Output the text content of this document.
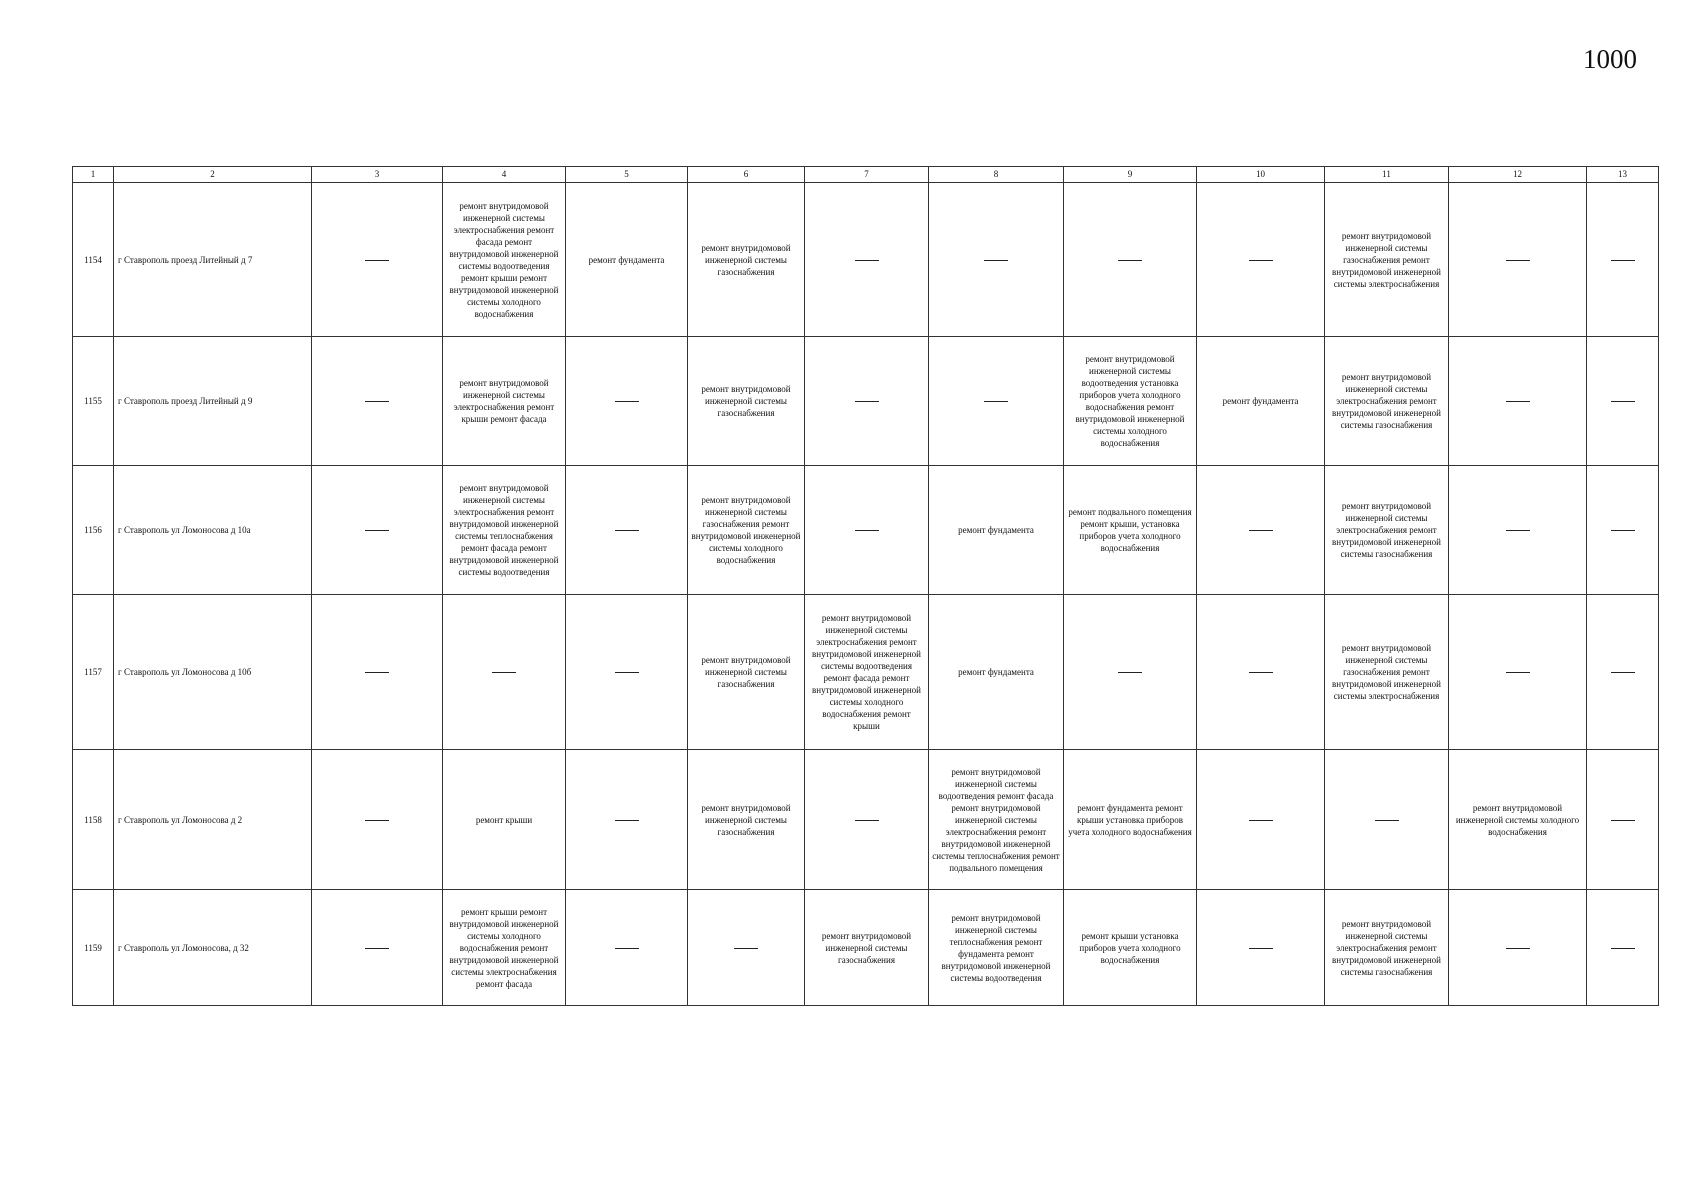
1000
1	2	3	4	5	6	7	8	9	10	11	12	13
1154	г Ставрополь проезд Литейный д 7		ремонт внутридомовой инженерной системы электроснабжения ремонт фасада ремонт внутридомовой инженерной системы водоотведения ремонт крыши ремонт внутридомовой инженерной системы холодного водоснабжения	ремонт фундамента	ремонт внутридомовой инженерной системы газоснабжения					ремонт внутридомовой инженерной системы газоснабжения ремонт внутридомовой инженерной системы электроснабжения		
1155	г Ставрополь проезд Литейный д 9		ремонт внутридомовой инженерной системы электроснабжения ремонт крыши ремонт фасада		ремонт внутридомовой инженерной системы газоснабжения			ремонт внутридомовой инженерной системы водоотведения установка приборов учета холодного водоснабжения ремонт внутридомовой инженерной системы холодного водоснабжения	ремонт фундамента	ремонт внутридомовой инженерной системы электроснабжения ремонт внутридомовой инженерной системы газоснабжения		
1156	г Ставрополь ул Ломоносова д 10а		ремонт внутридомовой инженерной системы электроснабжения ремонт внутридомовой инженерной системы теплоснабжения ремонт фасада ремонт внутридомовой инженерной системы водоотведения		ремонт внутридомовой инженерной системы газоснабжения ремонт внутридомовой инженерной системы холодного водоснабжения		ремонт фундамента	ремонт подвального помещения ремонт крыши, установка приборов учета холодного водоснабжения		ремонт внутридомовой инженерной системы электроснабжения ремонт внутридомовой инженерной системы газоснабжения		
1157	г Ставрополь ул Ломоносова д 10б				ремонт внутридомовой инженерной системы газоснабжения	ремонт внутридомовой инженерной системы электроснабжения ремонт внутридомовой инженерной системы водоотведения ремонт фасада ремонт внутридомовой инженерной системы холодного водоснабжения ремонт крыши	ремонт фундамента			ремонт внутридомовой инженерной системы газоснабжения ремонт внутридомовой инженерной системы электроснабжения		
1158	г Ставрополь ул Ломоносова д 2		ремонт крыши		ремонт внутридомовой инженерной системы газоснабжения		ремонт внутридомовой инженерной системы водоотведения ремонт фасада ремонт внутридомовой инженерной системы электроснабжения ремонт внутридомовой инженерной системы теплоснабжения ремонт подвального помещения	ремонт фундамента ремонт крыши установка приборов учета холодного водоснабжения			ремонт внутридомовой инженерной системы холодного водоснабжения	
1159	г Ставрополь ул Ломоносова, д 32		ремонт крыши ремонт внутридомовой инженерной системы холодного водоснабжения ремонт внутридомовой инженерной системы электроснабжения ремонт фасада			ремонт внутридомовой инженерной системы газоснабжения	ремонт внутридомовой инженерной системы теплоснабжения ремонт фундамента ремонт внутридомовой инженерной системы водоотведения	ремонт крыши установка приборов учета холодного водоснабжения		ремонт внутридомовой инженерной системы электроснабжения ремонт внутридомовой инженерной системы газоснабжения		
